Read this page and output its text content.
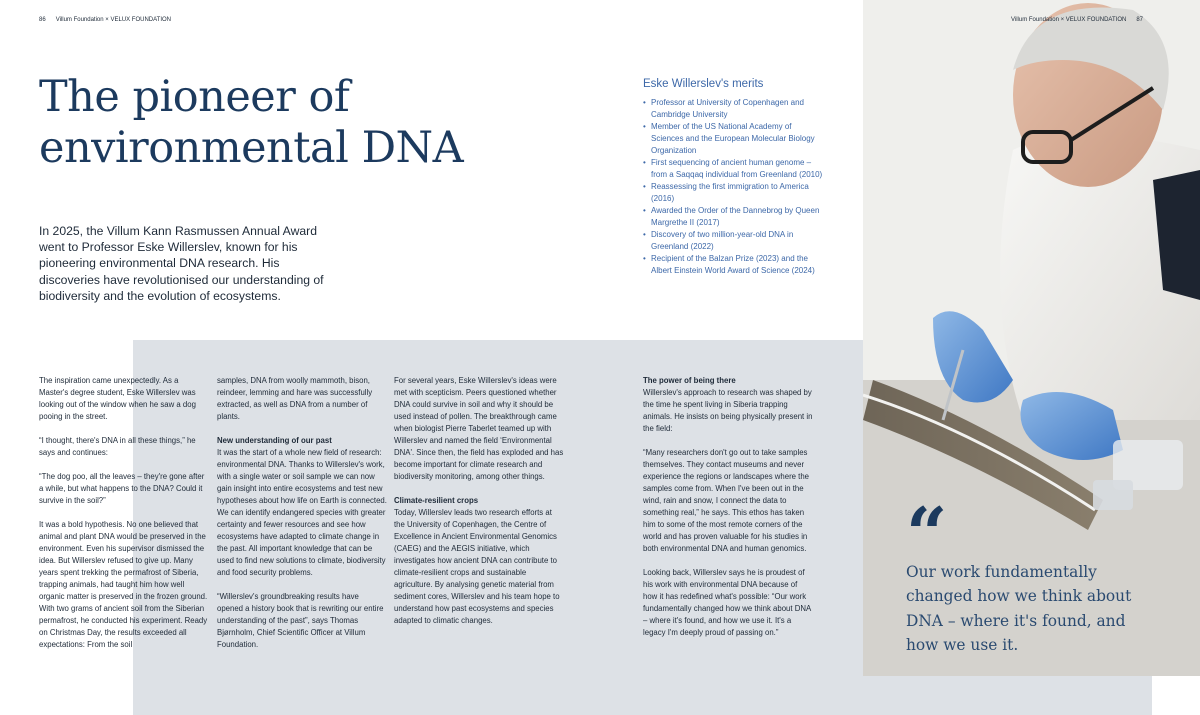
86 Villum Foundation × VELUX FOUNDATION	Villum Foundation × VELUX FOUNDATION 87
The pioneer of
environmental DNA

In 2025, the Villum Kann Rasmussen Annual Award went to Professor Eske Willerslev, known for his pioneering environmental DNA research. His discoveries have revolutionised our understanding of biodiversity and the evolution of ecosystems.

Eske Willerslev's merits
• Professor at University of Copenhagen and Cambridge University
• Member of the US National Academy of Sciences and the European Molecular Biology Organization
• First sequencing of ancient human genome – from a Saqqaq individual from Greenland (2010)
• Reassessing the first immigration to America (2016)
• Awarded the Order of the Dannebrog by Queen Margrethe II (2017)
• Discovery of two million-year-old DNA in Greenland (2022)
• Recipient of the Balzan Prize (2023) and the Albert Einstein World Award of Science (2024)

The inspiration came unexpectedly. As a Master's degree student, Eske Willerslev was looking out of the window when he saw a dog pooing in the street.

“I thought, there's DNA in all these things,” he says and continues:

“The dog poo, all the leaves – they're gone after a while, but what happens to the DNA? Could it survive in the soil?”

It was a bold hypothesis. No one believed that animal and plant DNA would be preserved in the environment. Even his supervisor dismissed the idea. But Willerslev refused to give up. Many years spent trekking the permafrost of Siberia, trapping animals, had taught him how well organic matter is preserved in the frozen ground. With two grams of ancient soil from the Siberian permafrost, he conducted his experiment. Ready on Christmas Day, the results exceeded all expectations: From the soil

samples, DNA from woolly mammoth, bison, reindeer, lemming and hare was successfully extracted, as well as DNA from a number of plants.

New understanding of our past

It was the start of a whole new field of research: environmental DNA. Thanks to Willerslev's work, with a single water or soil sample we can now gain insight into entire ecosystems and test new hypotheses about how life on Earth is connected. We can identify endangered species with greater certainty and fewer resources and see how ecosystems have adapted to climate change in the past. All important knowledge that can be used to find new solutions to climate, biodiversity and food security problems.

“Willerslev's groundbreaking results have opened a history book that is rewriting our entire understanding of the past”, says Thomas Bjørnholm, Chief Scientific Officer at Villum Foundation.

For several years, Eske Willerslev's ideas were met with scepticism. Peers questioned whether DNA could survive in soil and why it should be used instead of pollen. The breakthrough came when biologist Pierre Taberlet teamed up with Willerslev and named the field ‘Environmental DNA'. Since then, the field has exploded and has become important for climate research and biodiversity monitoring, among other things.

Climate-resilient crops

Today, Willerslev leads two research efforts at the University of Copenhagen, the Centre of Excellence in Ancient Environmental Genomics (CAEG) and the AEGIS initiative, which investigates how ancient DNA can contribute to climate-resilient crops and sustainable agriculture. By analysing genetic material from sediment cores, Willerslev and his team hope to understand how past ecosystems and species adapted to climatic changes.

The power of being there

Willerslev's approach to research was shaped by the time he spent living in Siberia trapping animals. He insists on being physically present in the field:

“Many researchers don't go out to take samples themselves. They contact museums and never experience the regions or landscapes where the samples come from. When I've been out in the wind, rain and snow, I connect the data to something real,” he says. This ethos has taken him to some of the most remote corners of the world and has proven valuable for his studies in both environmental DNA and human genomics.

Looking back, Willerslev says he is proudest of his work with environmental DNA because of how it has redefined what's possible: “Our work fundamentally changed how we think about DNA – where it's found, and how we use it. It's a legacy I'm deeply proud of passing on.”

“

Our work fundamentally changed how we think about DNA – where it's found, and how we use it.
